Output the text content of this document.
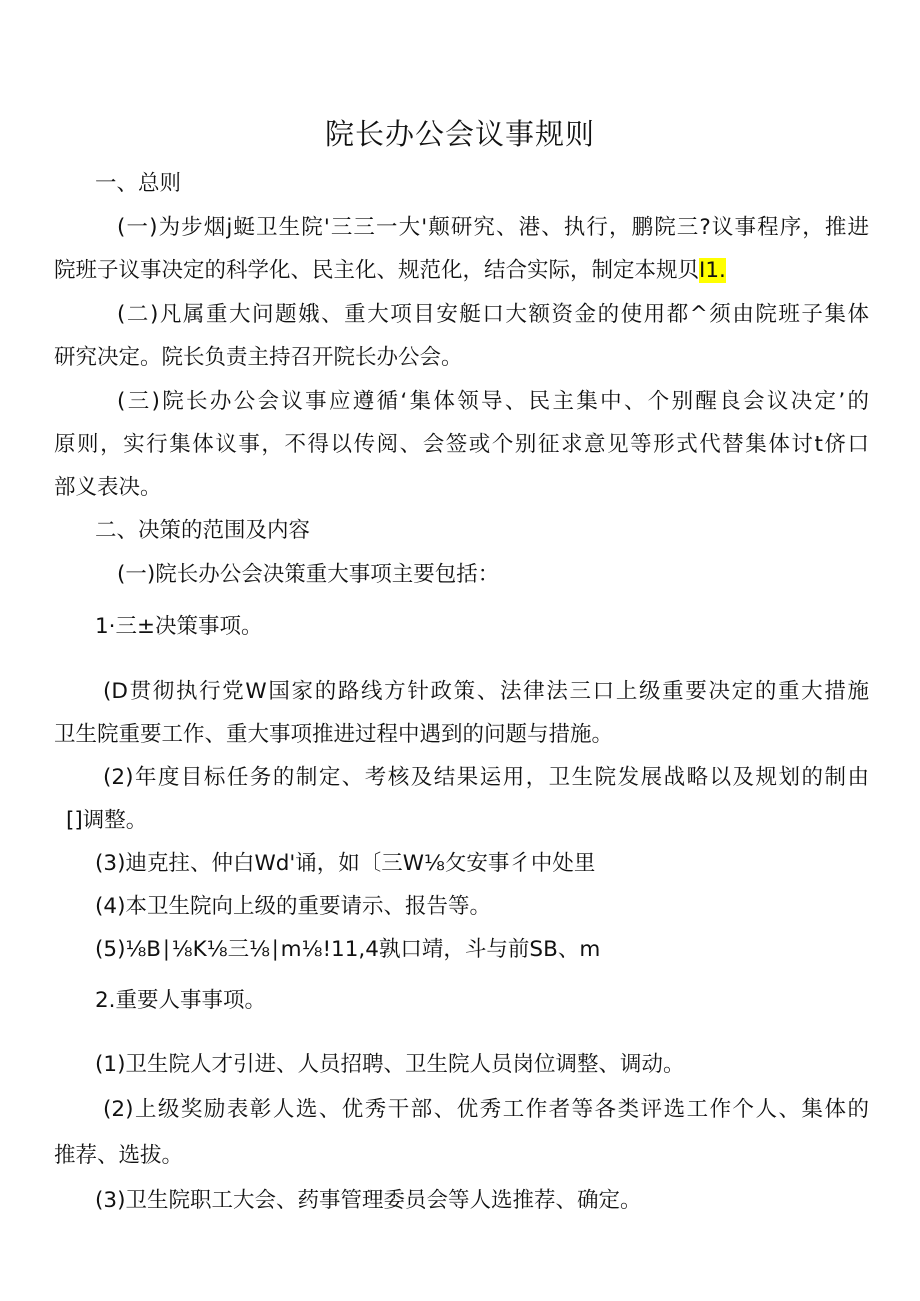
院长办公会议事规则
一、总则
(一)为步烟j蜓卫生院'三三一大'颠研究、港、执行，鹏院三?议事程序，推进
院班子议事决定的科学化、民主化、规范化，结合实际，制定本规贝I1.
(二)凡属重大问题娥、重大项目安艇口大额资金的使用都^须由院班子集体
研究决定。院长负责主持召开院长办公会。
(三)院长办公会议事应遵循‘集体领导、民主集中、个别醒良会议决定’的
原则，实行集体议事，不得以传阅、会签或个别征求意见等形式代替集体讨t侪口
部义表决。
二、决策的范围及内容
(一)院长办公会决策重大事项主要包括：
1·三±决策事项。
(D贯彻执行党W国家的路线方针政策、法律法三口上级重要决定的重大措施
卫生院重要工作、重大事项推进过程中遇到的问题与措施。
(2)年度目标任务的制定、考核及结果运用，卫生院发展战略以及规划的制由
[]调整。
(3)迪克拄、仲白Wd'诵，如〔三W⅛攵安事彳中处里
(4)本卫生院向上级的重要请示、报告等。
(5)⅛B∣⅛K⅛三⅛∣m⅛!11,4孰口靖，斗与前SB、m
2.重要人事事项。
(1)卫生院人才引进、人员招聘、卫生院人员岗位调整、调动。
(2)上级奖励表彰人选、优秀干部、优秀工作者等各类评选工作个人、集体的
推荐、选拔。
(3)卫生院职工大会、药事管理委员会等人选推荐、确定。
